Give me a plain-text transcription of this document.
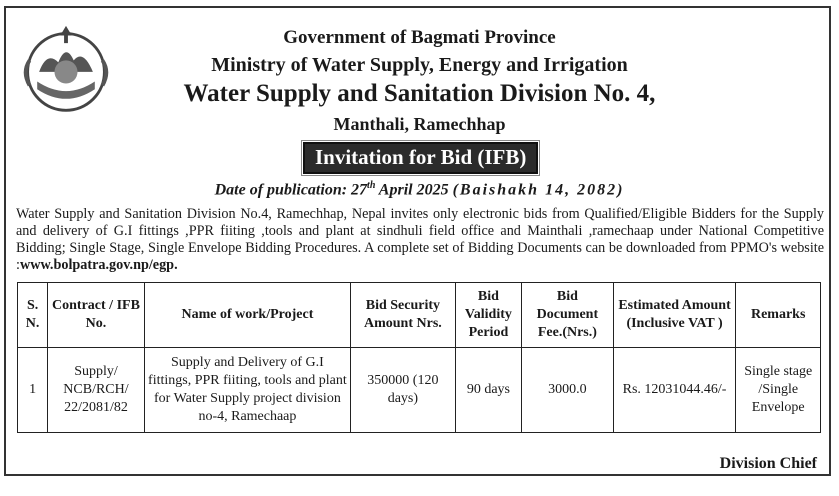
Government of Bagmati Province
Ministry of Water Supply, Energy and Irrigation
Water Supply and Sanitation Division No. 4,
Manthali, Ramechhap
Invitation for Bid (IFB)
Date of publication: 27th April 2025 (Baishakh 14, 2082)
Water Supply and Sanitation Division No.4, Ramechhap, Nepal invites only electronic bids from Qualified/Eligible Bidders for the Supply and delivery of G.I fittings ,PPR fiiting ,tools and plant at sindhuli field office and Mainthali ,ramechaap under National Competitive Bidding; Single Stage, Single Envelope Bidding Procedures. A complete set of Bidding Documents can be downloaded from PPMO's website :www.bolpatra.gov.np/egp.
S. N.	Contract / IFB No.	Name of work/Project	Bid Security Amount Nrs.	Bid Validity Period	Bid Document Fee.(Nrs.)	Estimated Amount (Inclusive VAT )	Remarks
1	Supply/ NCB/RCH/ 22/2081/82	Supply and Delivery of G.I fittings, PPR fiiting, tools and plant for Water Supply project division no-4, Ramechaap	350000 (120 days)	90 days	3000.0	Rs. 12031044.46/-	Single stage /Single Envelope
Division Chief
